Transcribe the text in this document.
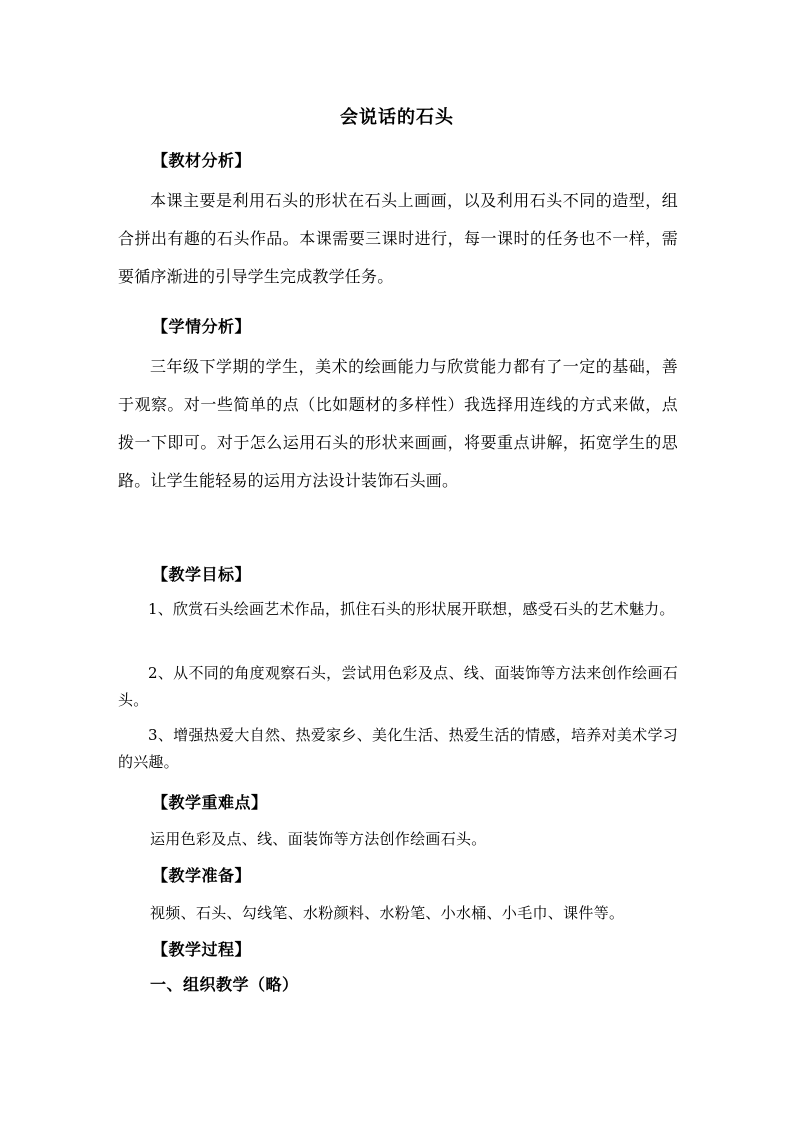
会说话的石头
【教材分析】

本课主要是利用石头的形状在石头上画画，以及利用石头不同的造型，组合拼出有趣的石头作品。本课需要三课时进行，每一课时的任务也不一样，需要循序渐进的引导学生完成教学任务。

【学情分析】

三年级下学期的学生，美术的绘画能力与欣赏能力都有了一定的基础，善于观察。对一些简单的点（比如题材的多样性）我选择用连线的方式来做，点拨一下即可。对于怎么运用石头的形状来画画，将要重点讲解，拓宽学生的思路。让学生能轻易的运用方法设计装饰石头画。

【教学目标】

1、欣赏石头绘画艺术作品，抓住石头的形状展开联想，感受石头的艺术魅力。

2、从不同的角度观察石头，尝试用色彩及点、线、面装饰等方法来创作绘画石头。

3、增强热爱大自然、热爱家乡、美化生活、热爱生活的情感，培养对美术学习的兴趣。

【教学重难点】
运用色彩及点、线、面装饰等方法创作绘画石头。
【教学准备】
视频、石头、勾线笔、水粉颜料、水粉笔、小水桶、小毛巾、课件等。
【教学过程】
一、组织教学（略）
